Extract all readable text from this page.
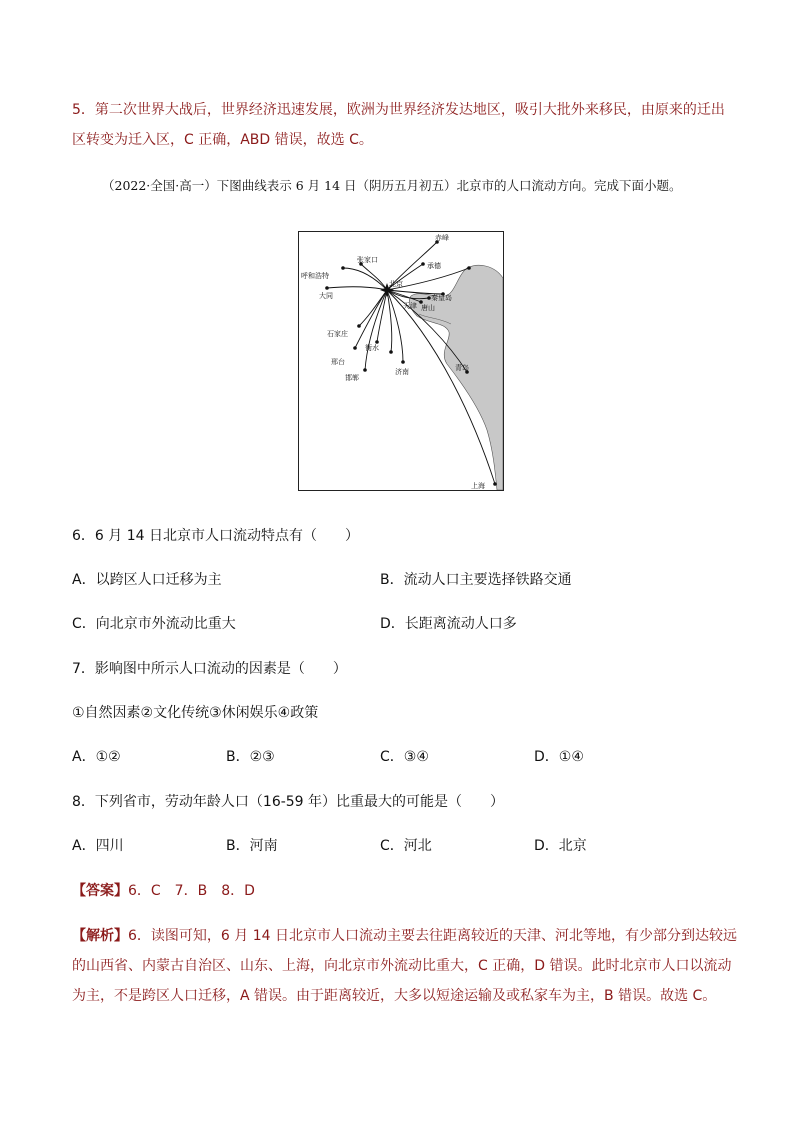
5．第二次世界大战后，世界经济迅速发展，欧洲为世界经济发达地区，吸引大批外来移民，由原来的迁出
区转变为迁入区，C 正确，ABD 错误，故选 C。
（2022·全国·高一）下图曲线表示 6 月 14 日（阴历五月初五）北京市的人口流动方向。完成下面小题。
北京
赤峰
张家口
承德
呼和浩特
大同	秦皇岛
天津 唐山
石家庄
衡水
邢台
邯郸
济南	青岛
上海
6．6 月 14 日北京市人口流动特点有（　　）
A．以跨区人口迁移为主	B．流动人口主要选择铁路交通
C．向北京市外流动比重大	D．长距离流动人口多
7．影响图中所示人口流动的因素是（　　）
①自然因素②文化传统③休闲娱乐④政策
A．①②	B．②③	C．③④	D．①④
8．下列省市，劳动年龄人口（16-59 年）比重最大的可能是（　　）
A．四川	B．河南	C．河北	D．北京
【答案】6．C　7．B　8．D
【解析】6．读图可知，6 月 14 日北京市人口流动主要去往距离较近的天津、河北等地，有少部分到达较远
的山西省、内蒙古自治区、山东、上海，向北京市外流动比重大，C 正确，D 错误。此时北京市人口以流动
为主，不是跨区人口迁移，A 错误。由于距离较近，大多以短途运输及或私家车为主，B 错误。故选 C。
